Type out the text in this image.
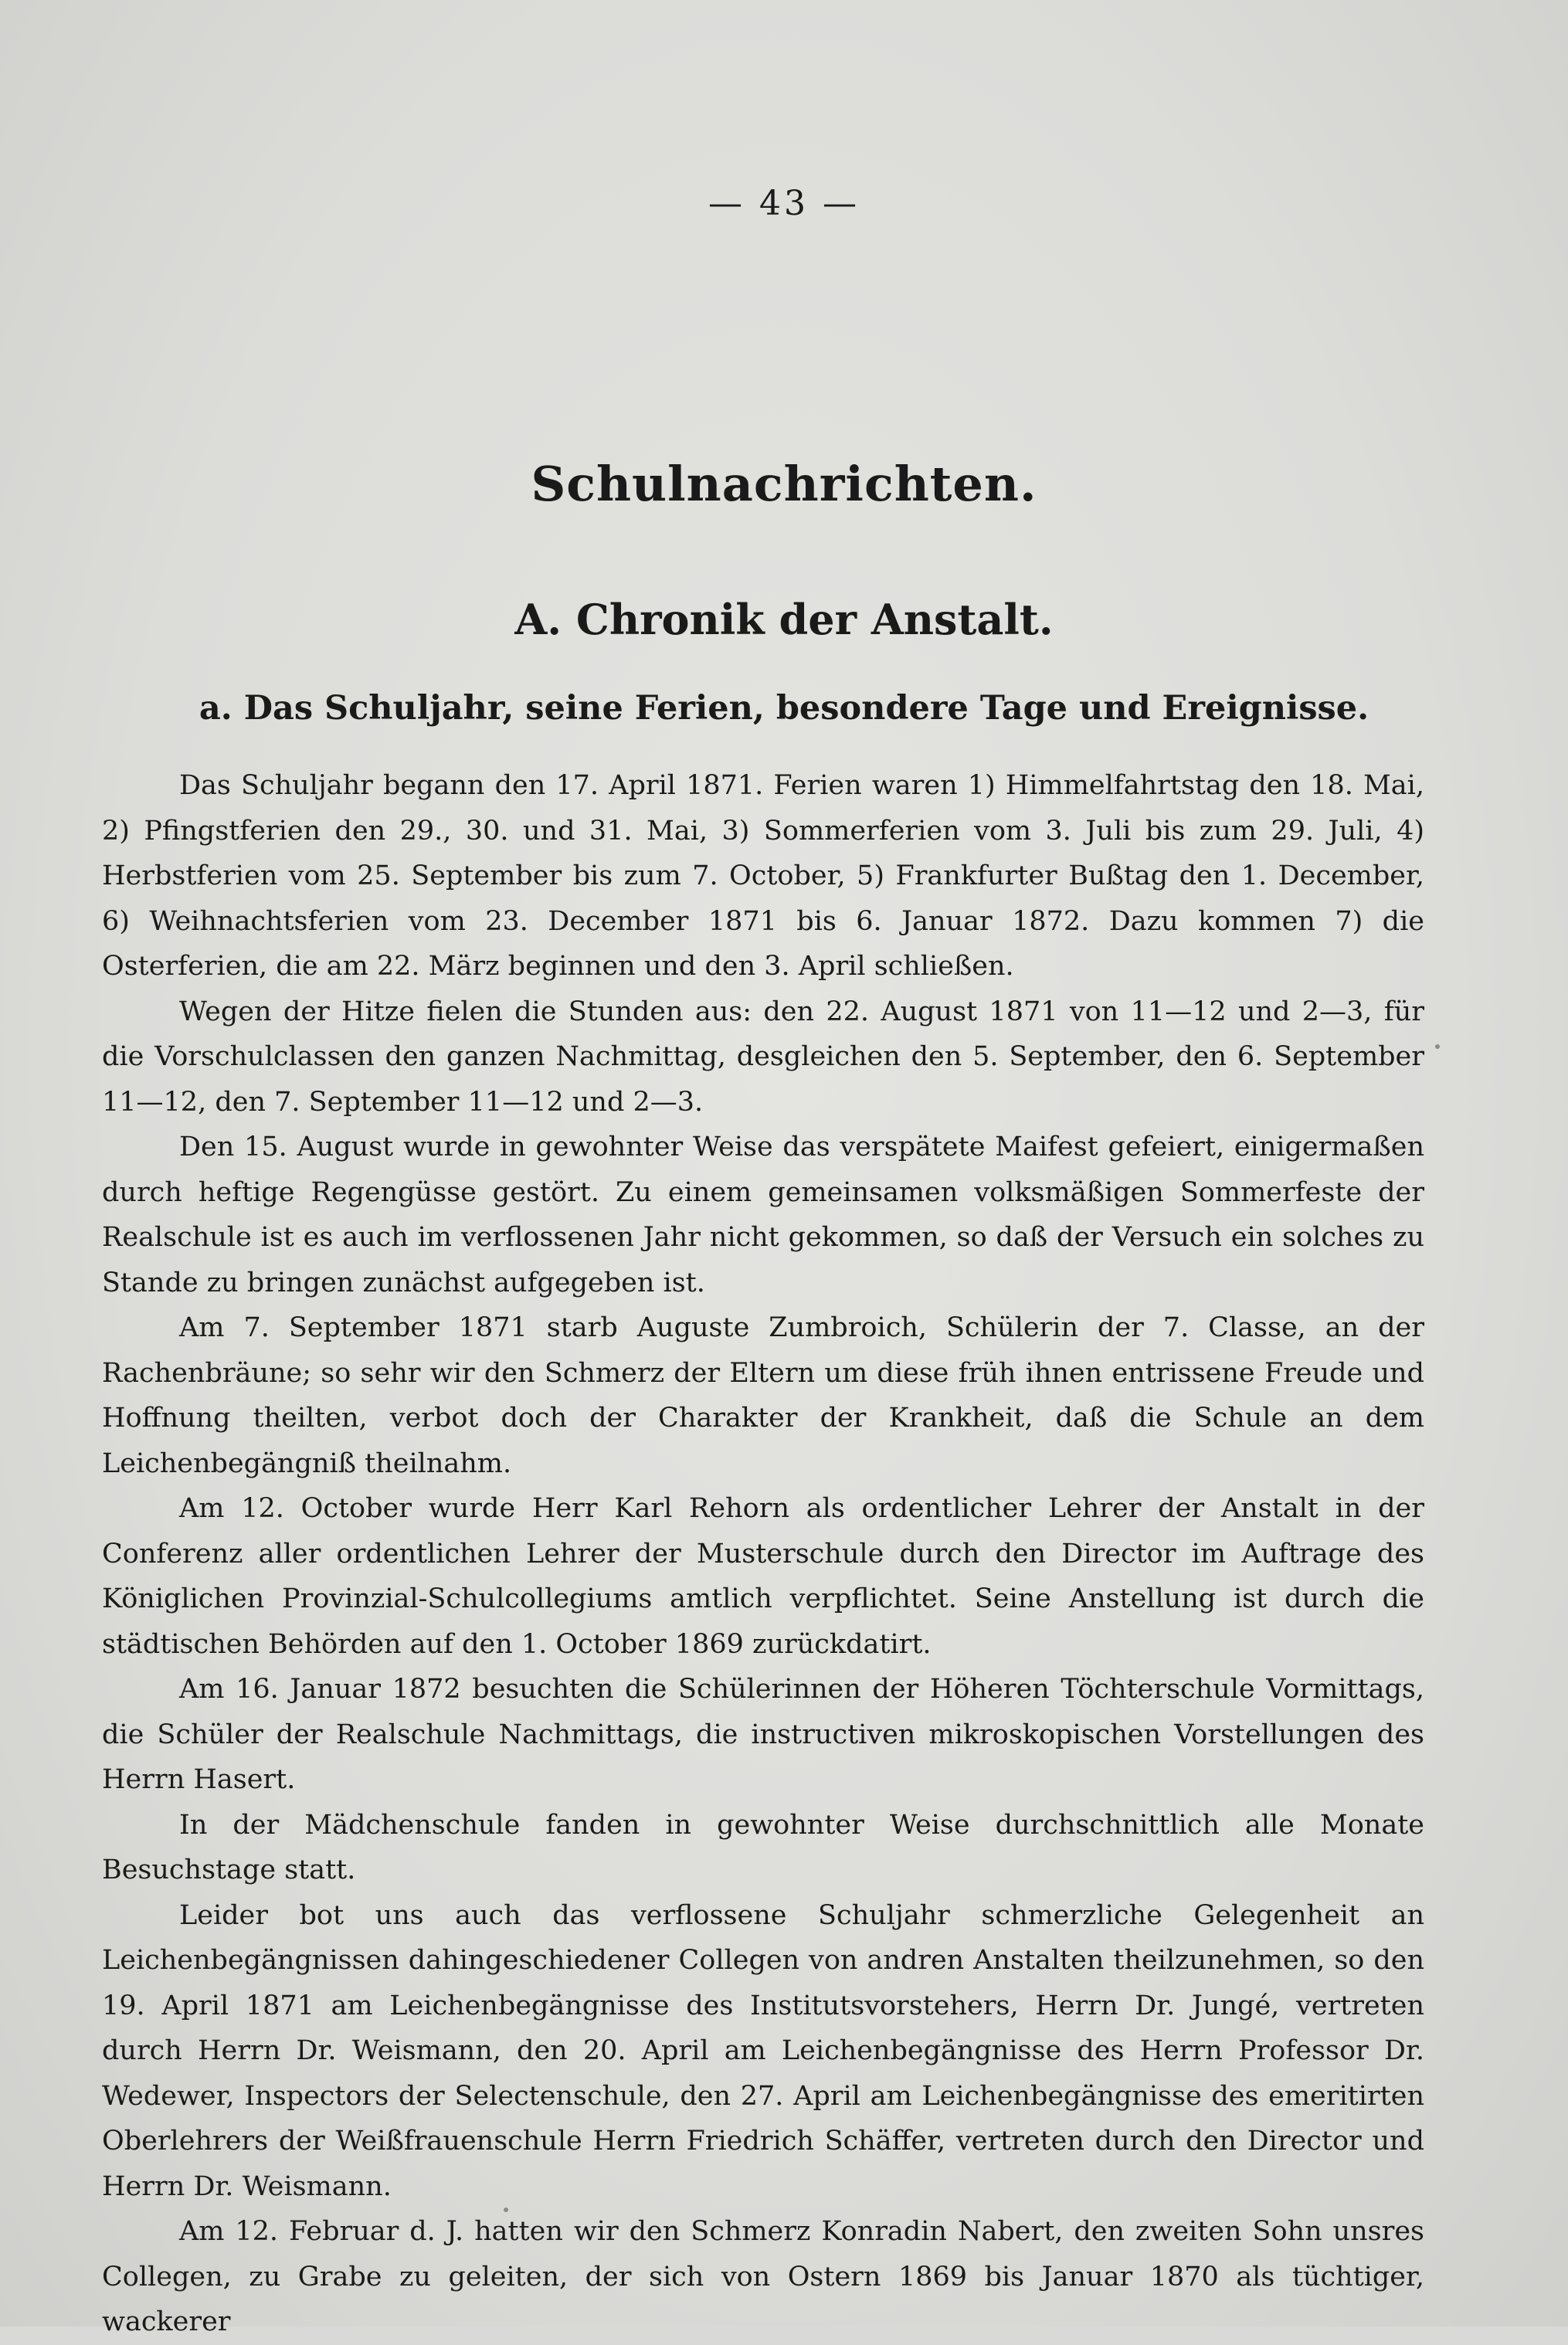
— 43 —
Schulnachrichten.
A. Chronik der Anstalt.
a. Das Schuljahr, seine Ferien, besondere Tage und Ereignisse.

Das Schuljahr begann den 17. April 1871. Ferien waren 1) Himmelfahrtstag den 18. Mai, 2) Pfingstferien den 29., 30. und 31. Mai, 3) Sommerferien vom 3. Juli bis zum 29. Juli, 4) Herbstferien vom 25. September bis zum 7. October, 5) Frankfurter Bußtag den 1. December, 6) Weihnachtsferien vom 23. December 1871 bis 6. Januar 1872. Dazu kommen 7) die Osterferien, die am 22. März beginnen und den 3. April schließen.

Wegen der Hitze fielen die Stunden aus: den 22. August 1871 von 11—12 und 2—3, für die Vorschulclassen den ganzen Nachmittag, desgleichen den 5. September, den 6. September 11—12, den 7. September 11—12 und 2—3.

Den 15. August wurde in gewohnter Weise das verspätete Maifest gefeiert, einigermaßen durch heftige Regengüsse gestört. Zu einem gemeinsamen volksmäßigen Sommerfeste der Realschule ist es auch im verflossenen Jahr nicht gekommen, so daß der Versuch ein solches zu Stande zu bringen zunächst aufgegeben ist.

Am 7. September 1871 starb Auguste Zumbroich, Schülerin der 7. Classe, an der Rachenbräune; so sehr wir den Schmerz der Eltern um diese früh ihnen entrissene Freude und Hoffnung theilten, verbot doch der Charakter der Krankheit, daß die Schule an dem Leichenbegängniß theilnahm.

Am 12. October wurde Herr Karl Rehorn als ordentlicher Lehrer der Anstalt in der Conferenz aller ordentlichen Lehrer der Musterschule durch den Director im Auftrage des Königlichen Provinzial-Schulcollegiums amtlich verpflichtet. Seine Anstellung ist durch die städtischen Behörden auf den 1. October 1869 zurückdatirt.

Am 16. Januar 1872 besuchten die Schülerinnen der Höheren Töchterschule Vormittags, die Schüler der Realschule Nachmittags, die instructiven mikroskopischen Vorstellungen des Herrn Hasert.

In der Mädchenschule fanden in gewohnter Weise durchschnittlich alle Monate Besuchstage statt.

Leider bot uns auch das verflossene Schuljahr schmerzliche Gelegenheit an Leichenbegängnissen dahingeschiedener Collegen von andren Anstalten theilzunehmen, so den 19. April 1871 am Leichenbegängnisse des Institutsvorstehers, Herrn Dr. Jungé, vertreten durch Herrn Dr. Weismann, den 20. April am Leichenbegängnisse des Herrn Professor Dr. Wedewer, Inspectors der Selectenschule, den 27. April am Leichenbegängnisse des emeritirten Oberlehrers der Weißfrauenschule Herrn Friedrich Schäffer, vertreten durch den Director und Herrn Dr. Weismann.

Am 12. Februar d. J. hatten wir den Schmerz Konradin Nabert, den zweiten Sohn unsres Collegen, zu Grabe zu geleiten, der sich von Ostern 1869 bis Januar 1870 als tüchtiger, wackerer
